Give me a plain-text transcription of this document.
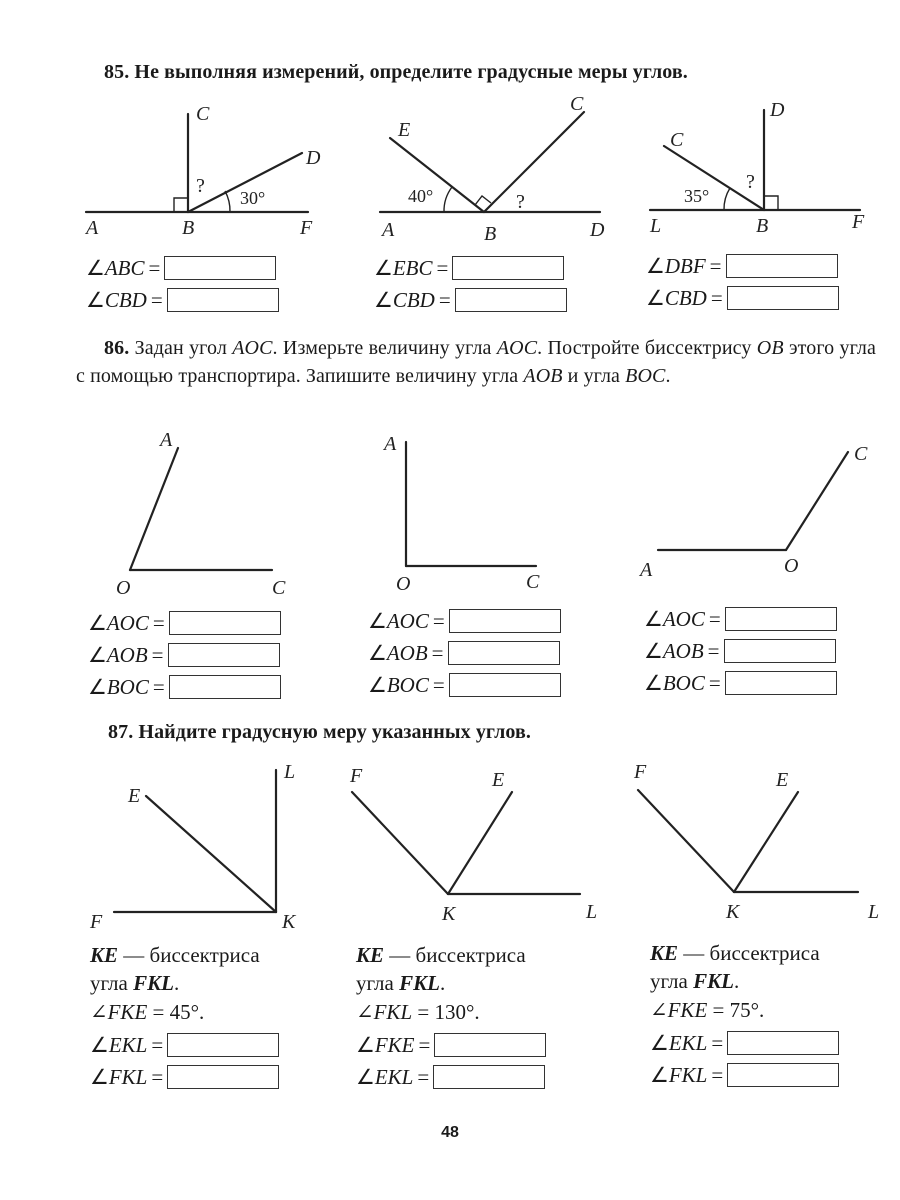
85. Не выполняя измерений, определите градусные меры углов.
C
D
A	B	F
?
30°
E
C
A	B	D
40°	?
C
D
L	B	F
?
35°
∠ABC =
∠CBD =
∠EBC =
∠CBD =
∠DBF =
∠CBD =
86. Задан угол AOC. Измерьте величину угла AOC. Постройте биссектрису OB этого угла с помощью транспортира. Запишите величину угла AOB и угла BOC.
A
O	C
A
O	C
C
A	O
∠AOC =
∠AOB =
∠BOC =
∠AOC =
∠AOB =
∠BOC =
∠AOC =
∠AOB =
∠BOC =
87. Найдите градусную меру указанных углов.
E
L
F	K
F	E
K	L
F	E
K	L
KE — биссектриса
угла FKL.
∠FKE = 45°.
KE — биссектриса
угла FKL.
∠FKL = 130°.
KE — биссектриса
угла FKL.
∠FKE = 75°.
∠EKL =
∠FKL =
∠FKE =
∠EKL =
∠EKL =
∠FKL =
48
